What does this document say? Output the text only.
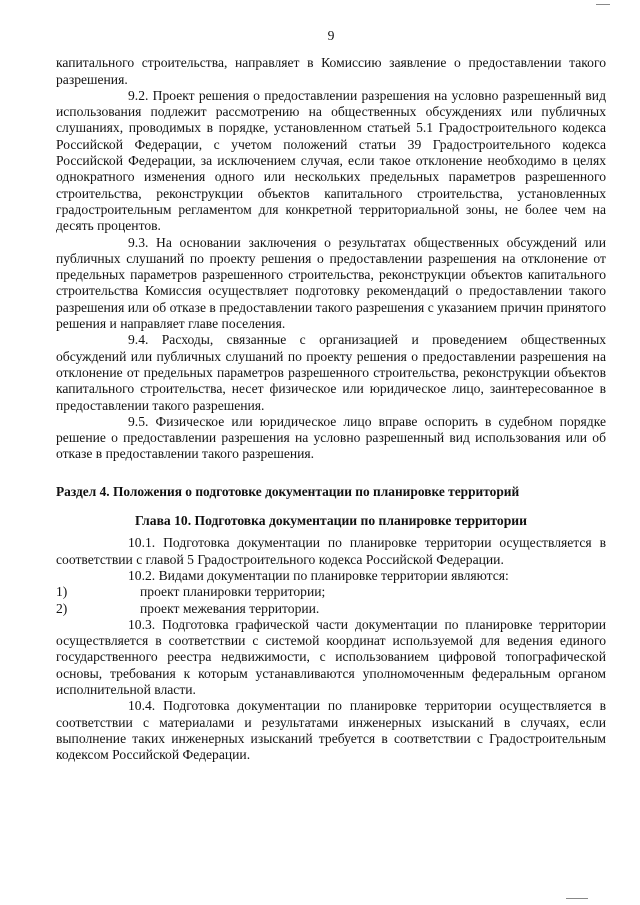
9

капитального строительства, направляет в Комиссию заявление о предоставлении такого разрешения.

9.2. Проект решения о предоставлении разрешения на условно разрешенный вид использования подлежит рассмотрению на общественных обсуждениях или публичных слушаниях, проводимых в порядке, установленном статьей 5.1 Градостроительного кодекса Российской Федерации, с учетом положений статьи 39 Градостроительного кодекса Российской Федерации, за исключением случая, если такое отклонение необходимо в целях однократного изменения одного или нескольких предельных параметров разрешенного строительства, реконструкции объектов капитального строительства, установленных градостроительным регламентом для конкретной территориальной зоны, не более чем на десять процентов.

9.3. На основании заключения о результатах общественных обсуждений или публичных слушаний по проекту решения о предоставлении разрешения на отклонение от предельных параметров разрешенного строительства, реконструкции объектов капитального строительства Комиссия осуществляет подготовку рекомендаций о предоставлении такого разрешения или об отказе в предоставлении такого разрешения с указанием причин принятого решения и направляет главе поселения.

9.4. Расходы, связанные с организацией и проведением общественных обсуждений или публичных слушаний по проекту решения о предоставлении разрешения на отклонение от предельных параметров разрешенного строительства, реконструкции объектов капитального строительства, несет физическое или юридическое лицо, заинтересованное в предоставлении такого разрешения.

9.5. Физическое или юридическое лицо вправе оспорить в судебном порядке решение о предоставлении разрешения на условно разрешенный вид использования или об отказе в предоставлении такого разрешения.

Раздел 4. Положения о подготовке документации по планировке территорий
Глава 10. Подготовка документации по планировке территории

10.1. Подготовка документации по планировке территории осуществляется в соответствии с главой 5 Градостроительного кодекса Российской Федерации.

10.2. Видами документации по планировке территории являются:

1)	проект планировки территории;
2)	проект межевания территории.

10.3. Подготовка графической части документации по планировке территории осуществляется в соответствии с системой координат используемой для ведения единого государственного реестра недвижимости, с использованием цифровой топографической основы, требования к которым устанавливаются уполномоченным федеральным органом исполнительной власти.

10.4. Подготовка документации по планировке территории осуществляется в соответствии с материалами и результатами инженерных изысканий в случаях, если выполнение таких инженерных изысканий требуется в соответствии с Градостроительным кодексом Российской Федерации.
